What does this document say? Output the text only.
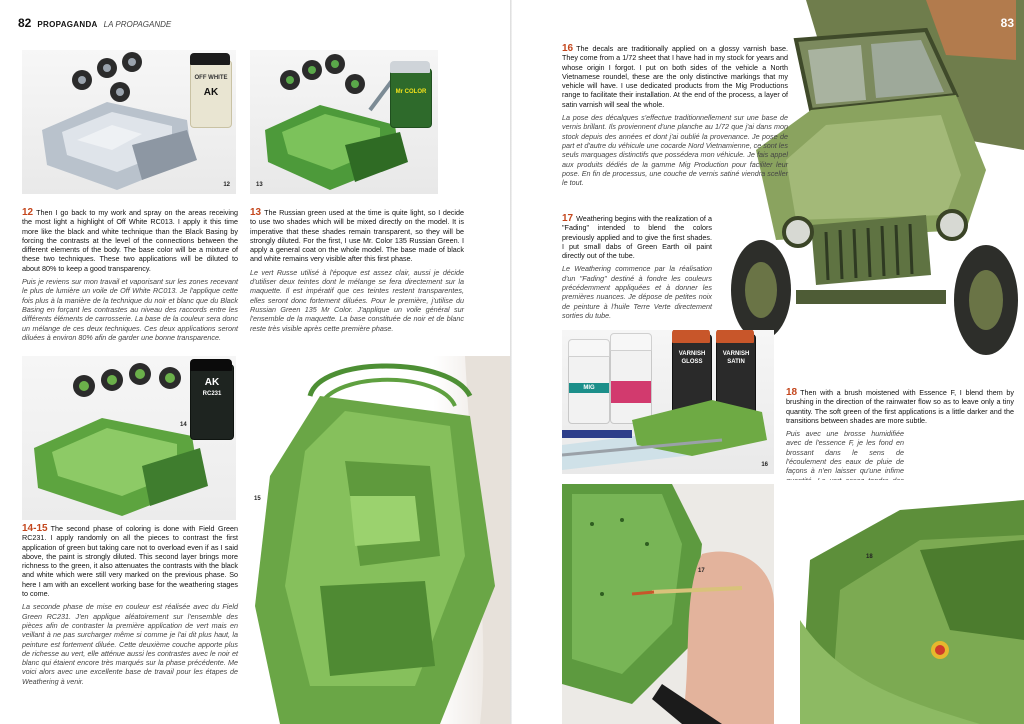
82 PROPAGANDA LA PROPAGANDE
OFF WHITE
AK
12
Mr COLOR
13

12 Then I go back to my work and spray on the areas receiving the most light a highlight of Off White RC013. I apply it this time more like the black and white technique than the Black Basing by forcing the contrasts at the level of the connections between the different elements of the body. The base color will be a mixture of these two techniques. These two applications will be diluted to about 80% to keep a good transparency.

Puis je reviens sur mon travail et vaporisant sur les zones recevant le plus de lumière un voile de Off White RC013. Je l'applique cette fois plus à la manière de la technique du noir et blanc que du Black Basing en forçant les contrastes au niveau des raccords entre les différents éléments de carrosserie. La base de la couleur sera donc un mélange de ces deux techniques. Ces deux applications seront diluées à environ 80% afin de garder une bonne transparence.

13 The Russian green used at the time is quite light, so I decide to use two shades which will be mixed directly on the model. It is imperative that these shades remain transparent, so they will be strongly diluted. For the first, I use Mr. Color 135 Russian Green. I apply a general coat on the whole model. The base made of black and white remains very visible after this first phase.

Le vert Russe utilisé à l'époque est assez clair, aussi je décide d'utiliser deux teintes dont le mélange se fera directement sur la maquette. Il est impératif que ces teintes restent transparentes, elles seront donc fortement diluées. Pour le première, j'utilise du Russian Green 135 Mr Color. J'applique un voile général sur l'ensemble de la maquette. La base constituée de noir et de blanc reste très visible après cette première phase.

AK
RC231
14
15

14-15 The second phase of coloring is done with Field Green RC231. I apply randomly on all the pieces to contrast the first application of green but taking care not to overload even if as I said above, the paint is strongly diluted. This second layer brings more richness to the green, it also attenuates the contrasts with the black and white which were still very marked on the previous phase. So here I am with an excellent working base for the weathering stages to come.

La seconde phase de mise en couleur est réalisée avec du Field Green RC231. J'en applique aléatoirement sur l'ensemble des pièces afin de contraster la première application de vert mais en veillant à ne pas surcharger même si comme je l'ai dit plus haut, la peinture est fortement diluée. Cette deuxième couche apporte plus de richesse au vert, elle atténue aussi les contrastes avec le noir et blanc qui étaient encore très marqués sur la phase précédente. Me voici alors avec une excellente base de travail pour les étapes de Weathering à venir.

83

16 The decals are traditionally applied on a glossy varnish base. They come from a 1/72 sheet that I have had in my stock for years and whose origin I forgot. I put on both sides of the vehicle a North Vietnamese roundel, these are the only distinctive markings that my vehicle will have. I use dedicated products from the Mig Productions range to facilitate their installation. At the end of the process, a layer of satin varnish will seal the whole.

La pose des décalques s'effectue traditionnellement sur une base de vernis brillant. Ils proviennent d'une planche au 1/72 que j'ai dans mon stock depuis des années et dont j'ai oublié la provenance. Je pose de part et d'autre du véhicule une cocarde Nord Vietnamienne, ce sont les seuls marquages distinctifs que possédera mon véhicule. Je fais appel aux produits dédiés de la gamme Mig Production pour faciliter leur pose. En fin de processus, une couche de vernis satiné viendra sceller le tout.

17 Weathering begins with the realization of a "Fading" intended to blend the colors previously applied and to give the first shades. I put small dabs of Green Earth oil paint directly out of the tube.

Le Weathering commence par la réalisation d'un "Fading" destiné à fondre les couleurs précédemment appliquées et à donner les premières nuances. Je dépose de petites noix de peinture à l'huile Terre Verte directement sorties du tube.

MIG
VARNISH
GLOSS
VARNISH
SATIN
16

18 Then with a brush moistened with Essence F, I blend them by brushing in the direction of the rainwater flow so as to leave only a tiny quantity. The soft green of the first applications is a little darker and the transitions between shades are more subtle.

Puis avec une brosse humidifiée avec de l'essence F, je les fond en brossant dans le sens de l'écoulement des eaux de pluie de façons à n'en laisser qu'une infime

17
18
